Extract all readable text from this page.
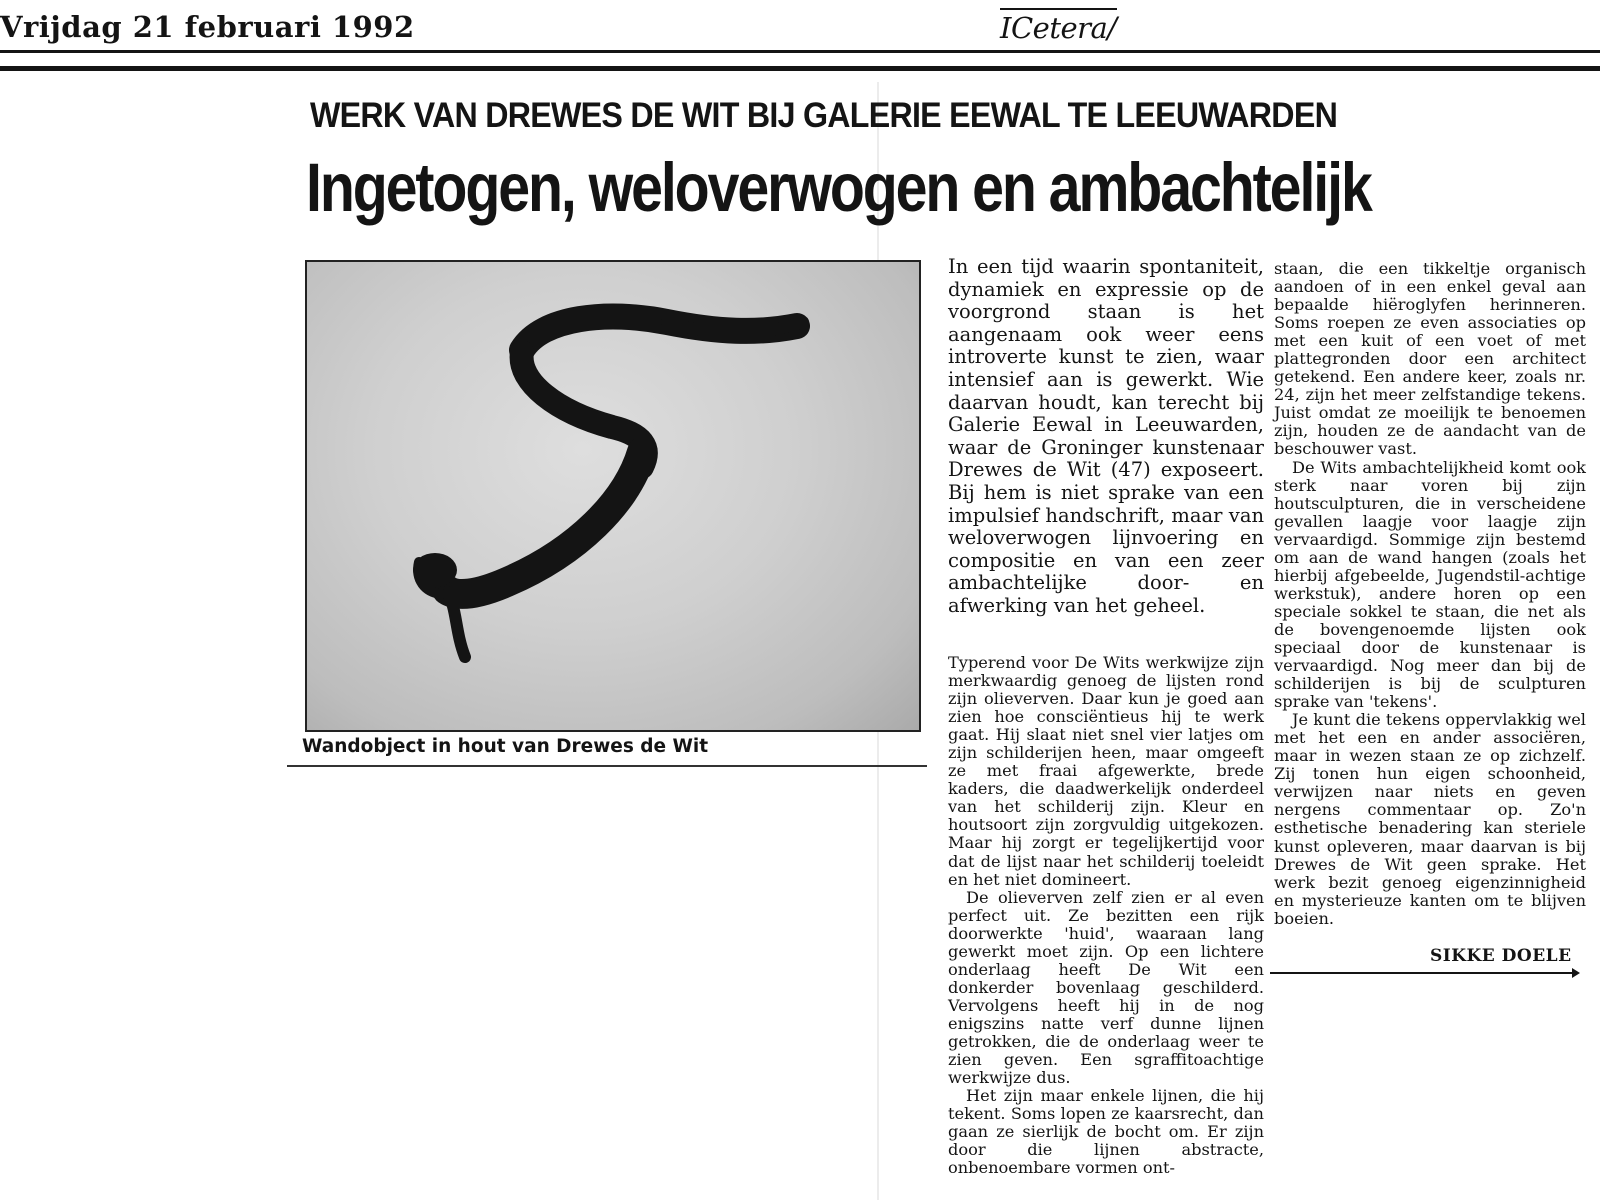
Vrijdag 21 februari 1992	ICetera/
WERK VAN DREWES DE WIT BIJ GALERIE EEWAL TE LEEUWARDEN
Ingetogen, weloverwogen en ambachtelijk
Wandobject in hout van Drewes de Wit

In een tijd waarin spontaniteit, dynamiek en expressie op de voorgrond staan is het aangenaam ook weer eens introverte kunst te zien, waar intensief aan is gewerkt. Wie daarvan houdt, kan terecht bij Galerie Eewal in Leeuwarden, waar de Groninger kunstenaar Drewes de Wit (47) exposeert. Bij hem is niet sprake van een impulsief handschrift, maar van weloverwogen lijnvoering en compositie en van een zeer ambachtelijke door- en afwerking van het geheel.

Typerend voor De Wits werkwijze zijn merkwaardig genoeg de lijsten rond zijn olieverven. Daar kun je goed aan zien hoe consciëntieus hij te werk gaat. Hij slaat niet snel vier latjes om zijn schilderijen heen, maar omgeeft ze met fraai afgewerkte, brede kaders, die daadwerkelijk onderdeel van het schilderij zijn. Kleur en houtsoort zijn zorgvuldig uitgekozen. Maar hij zorgt er tegelijkertijd voor dat de lijst naar het schilderij toeleidt en het niet domineert.

De olieverven zelf zien er al even perfect uit. Ze bezitten een rijk doorwerkte 'huid', waaraan lang gewerkt moet zijn. Op een lichtere onderlaag heeft De Wit een donkerder bovenlaag geschilderd. Vervolgens heeft hij in de nog enigszins natte verf dunne lijnen getrokken, die de onderlaag weer te zien geven. Een sgraffitoachtige werkwijze dus.

Het zijn maar enkele lijnen, die hij tekent. Soms lopen ze kaarsrecht, dan gaan ze sierlijk de bocht om. Er zijn door die lijnen abstracte, onbenoembare vormen ont-

staan, die een tikkeltje organisch aandoen of in een enkel geval aan bepaalde hiëroglyfen herinneren. Soms roepen ze even associaties op met een kuit of een voet of met plattegronden door een architect getekend. Een andere keer, zoals nr. 24, zijn het meer zelfstandige tekens. Juist omdat ze moeilijk te benoemen zijn, houden ze de aandacht van de beschouwer vast.

De Wits ambachtelijkheid komt ook sterk naar voren bij zijn houtsculpturen, die in verscheidene gevallen laagje voor laagje zijn vervaardigd. Sommige zijn bestemd om aan de wand hangen (zoals het hierbij afgebeelde, Jugendstil-achtige werkstuk), andere horen op een speciale sokkel te staan, die net als de bovengenoemde lijsten ook speciaal door de kunstenaar is vervaardigd. Nog meer dan bij de schilderijen is bij de sculpturen sprake van 'tekens'.

Je kunt die tekens oppervlakkig wel met het een en ander associëren, maar in wezen staan ze op zichzelf. Zij tonen hun eigen schoonheid, verwijzen naar niets en geven nergens commentaar op. Zo'n esthetische benadering kan steriele kunst opleveren, maar daarvan is bij Drewes de Wit geen sprake. Het werk bezit genoeg eigenzinnigheid en mysterieuze kanten om te blijven boeien.

SIKKE DOELE
